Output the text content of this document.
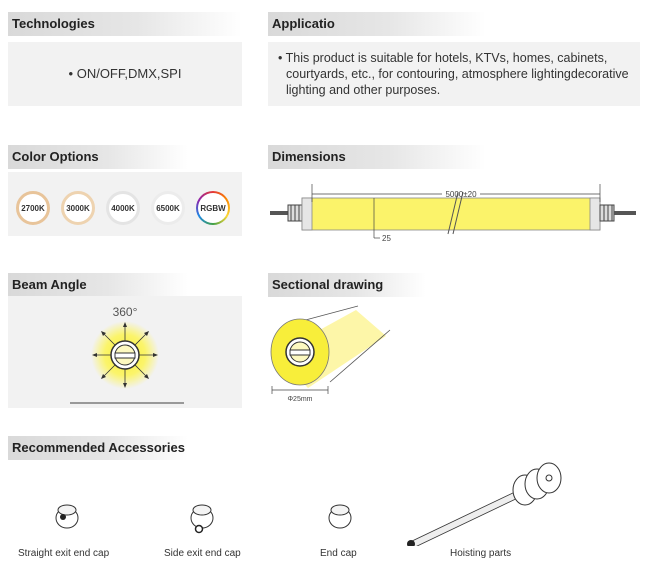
Technologies
• ON/OFF,DMX,SPI
Applicatio
• This product is suitable for hotels, KTVs, homes, cabinets, courtyards, etc., for contouring, atmosphere lightingdecorative lighting and other purposes.
Color Options
2700K	3000K	4000K	6500K	RGBW
Dimensions
5000±20
25
Beam Angle
360°
Sectional drawing
Φ25mm
Recommended Accessories
Straight exit end cap	Side exit end cap	End cap	Hoisting parts
